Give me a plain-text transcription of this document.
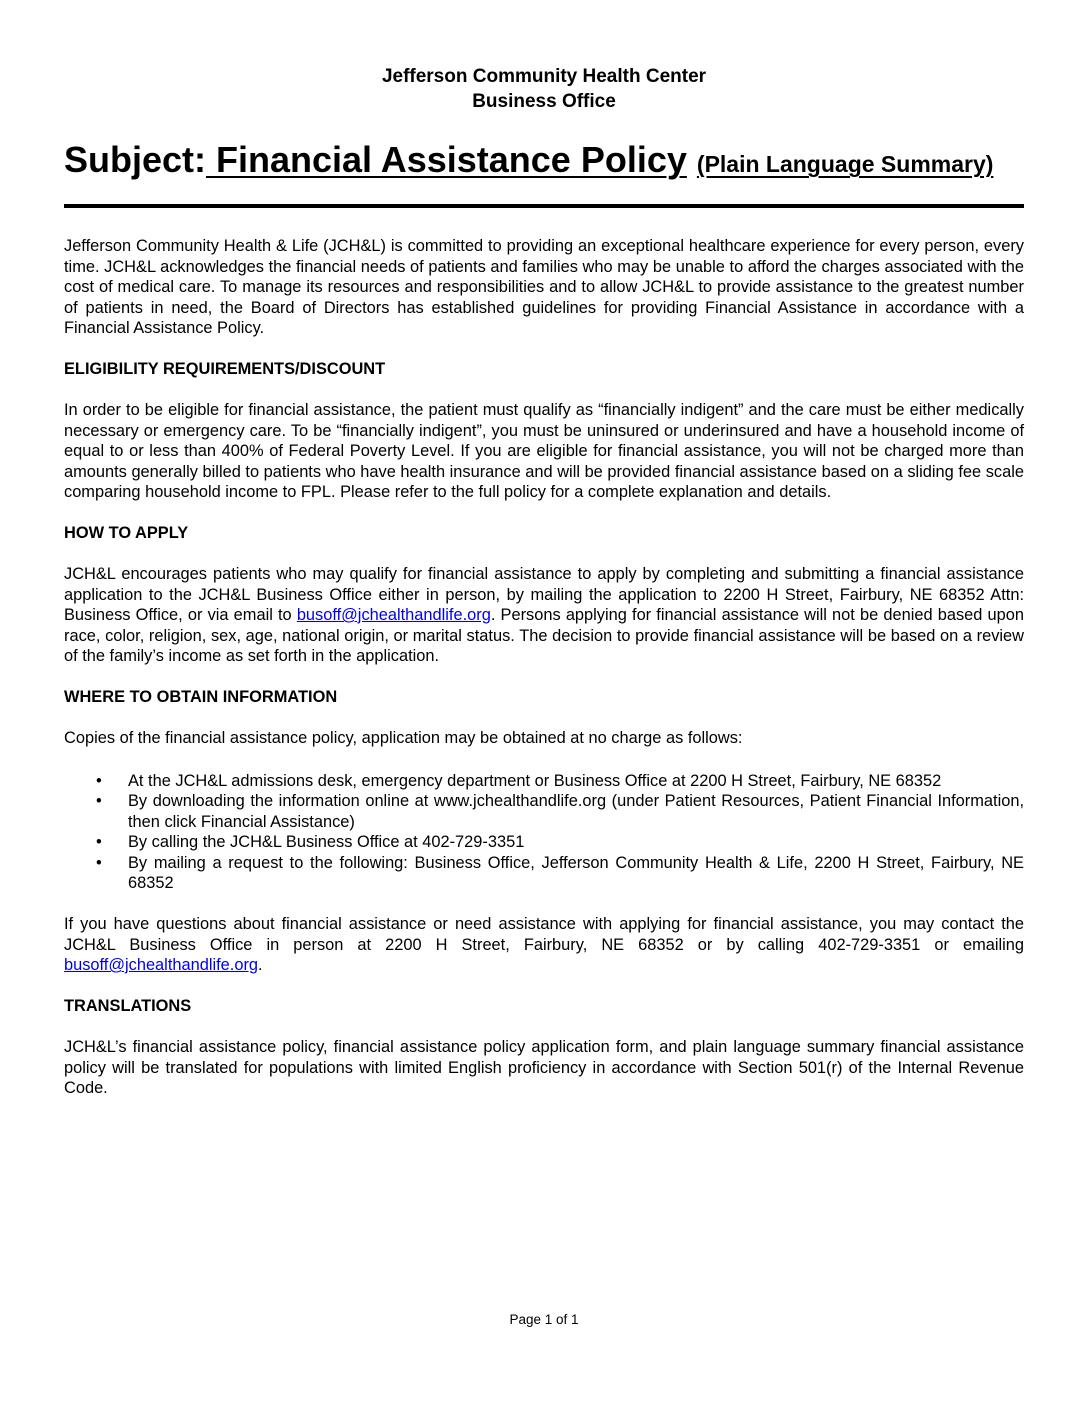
Jefferson Community Health Center
Business Office
Subject: Financial Assistance Policy (Plain Language Summary)

Jefferson Community Health & Life (JCH&L) is committed to providing an exceptional healthcare experience for every person, every time. JCH&L acknowledges the financial needs of patients and families who may be unable to afford the charges associated with the cost of medical care. To manage its resources and responsibilities and to allow JCH&L to provide assistance to the greatest number of patients in need, the Board of Directors has established guidelines for providing Financial Assistance in accordance with a Financial Assistance Policy.

ELIGIBILITY REQUIREMENTS/DISCOUNT

In order to be eligible for financial assistance, the patient must qualify as “financially indigent” and the care must be either medically necessary or emergency care. To be “financially indigent”, you must be uninsured or underinsured and have a household income of equal to or less than 400% of Federal Poverty Level. If you are eligible for financial assistance, you will not be charged more than amounts generally billed to patients who have health insurance and will be provided financial assistance based on a sliding fee scale comparing household income to FPL. Please refer to the full policy for a complete explanation and details.

HOW TO APPLY

JCH&L encourages patients who may qualify for financial assistance to apply by completing and submitting a financial assistance application to the JCH&L Business Office either in person, by mailing the application to 2200 H Street, Fairbury, NE 68352 Attn: Business Office, or via email to busoff@jchealthandlife.org. Persons applying for financial assistance will not be denied based upon race, color, religion, sex, age, national origin, or marital status. The decision to provide financial assistance will be based on a review of the family’s income as set forth in the application.

WHERE TO OBTAIN INFORMATION

Copies of the financial assistance policy, application may be obtained at no charge as follows:

• At the JCH&L admissions desk, emergency department or Business Office at 2200 H Street, Fairbury, NE 68352
• By downloading the information online at www.jchealthandlife.org (under Patient Resources, Patient Financial Information, then click Financial Assistance)
• By calling the JCH&L Business Office at 402-729-3351
• By mailing a request to the following: Business Office, Jefferson Community Health & Life, 2200 H Street, Fairbury, NE 68352

If you have questions about financial assistance or need assistance with applying for financial assistance, you may contact the JCH&L Business Office in person at 2200 H Street, Fairbury, NE 68352 or by calling 402-729-3351 or emailing busoff@jchealthandlife.org.

TRANSLATIONS

JCH&L’s financial assistance policy, financial assistance policy application form, and plain language summary financial assistance policy will be translated for populations with limited English proficiency in accordance with Section 501(r) of the Internal Revenue Code.

Page 1 of 1
